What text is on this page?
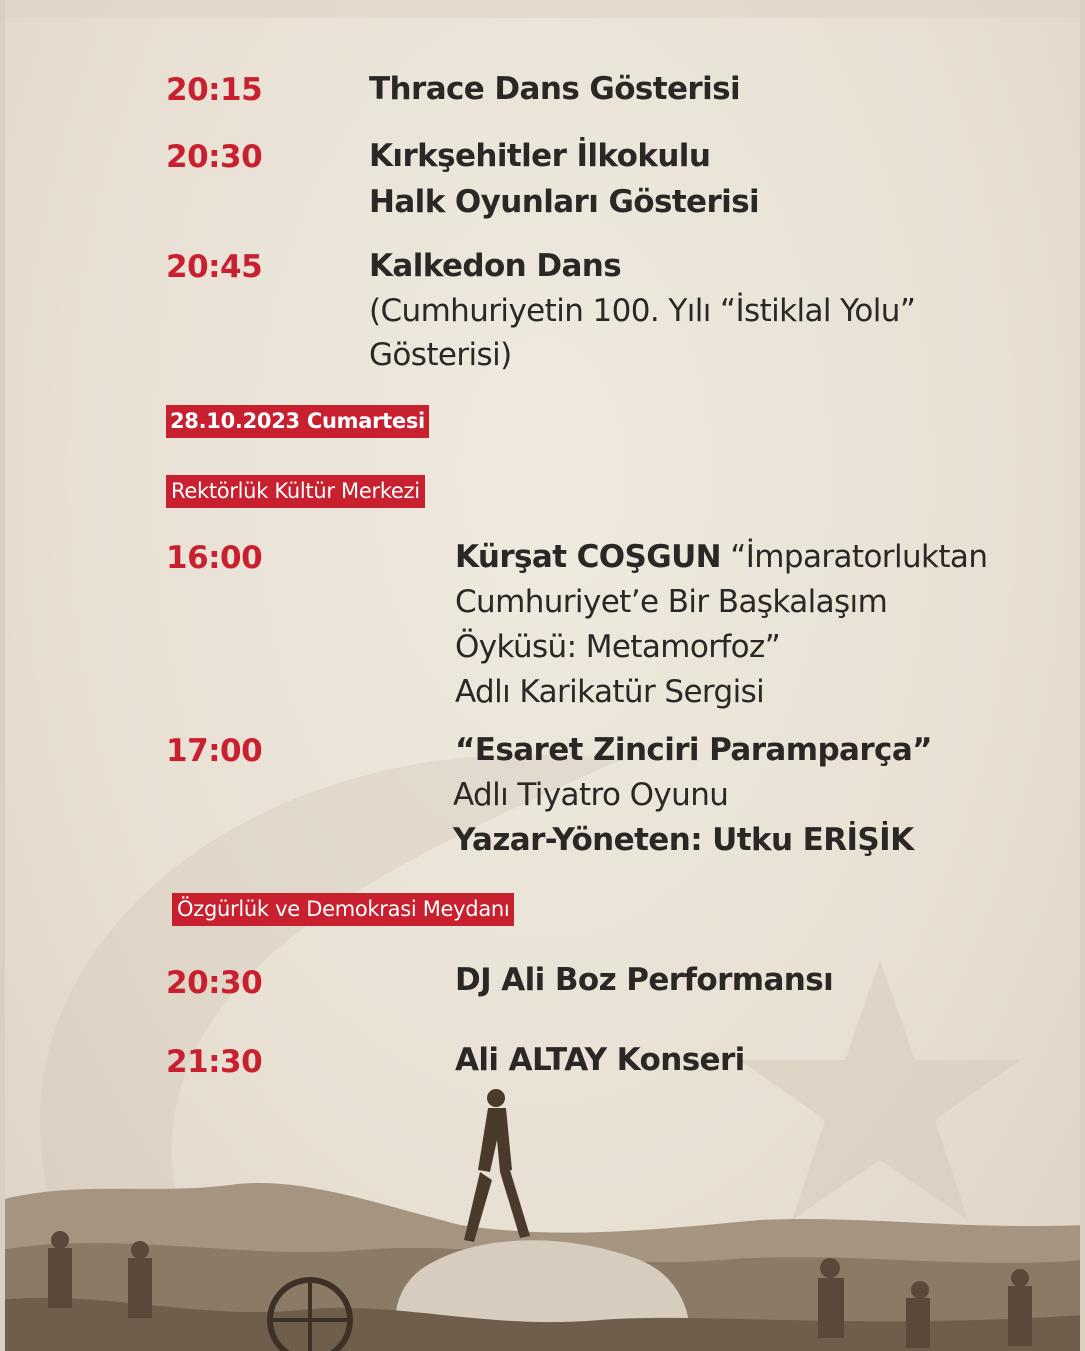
20:15	Thrace Dans Gösterisi
20:30	Kırkşehitler İlkokulu
Halk Oyunları Gösterisi
20:45	Kalkedon Dans
(Cumhuriyetin 100. Yılı “İstiklal Yolu”
Gösterisi)
28.10.2023 Cumartesi
Rektörlük Kültür Merkezi
16:00	Kürşat COŞGUN “İmparatorluktan
Cumhuriyet’e Bir Başkalaşım
Öyküsü: Metamorfoz”
Adlı Karikatür Sergisi
17:00	“Esaret Zinciri Paramparça”
Adlı Tiyatro Oyunu
Yazar-Yöneten: Utku ERİŞİK
Özgürlük ve Demokrasi Meydanı
20:30	DJ Ali Boz Performansı
21:30	Ali ALTAY Konseri
